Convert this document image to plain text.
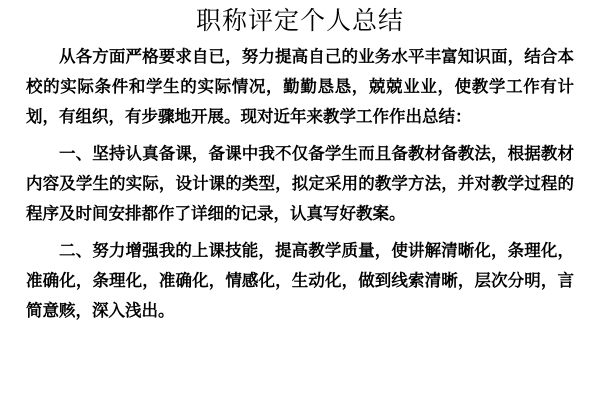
职称评定个人总结

从各方面严格要求自已，努力提高自己的业务水平丰富知识面，结合本校的实际条件和学生的实际情况，勤勤恳恳，兢兢业业，使教学工作有计划，有组织，有步骤地开展。现对近年来教学工作作出总结：

一、坚持认真备课，备课中我不仅备学生而且备教材备教法，根据教材内容及学生的实际，设计课的类型，拟定采用的教学方法，并对教学过程的程序及时间安排都作了详细的记录，认真写好教案。

二、努力增强我的上课技能，提高教学质量，使讲解清晰化，条理化，准确化，条理化，准确化，情感化，生动化，做到线索清晰，层次分明，言简意赅，深入浅出。
